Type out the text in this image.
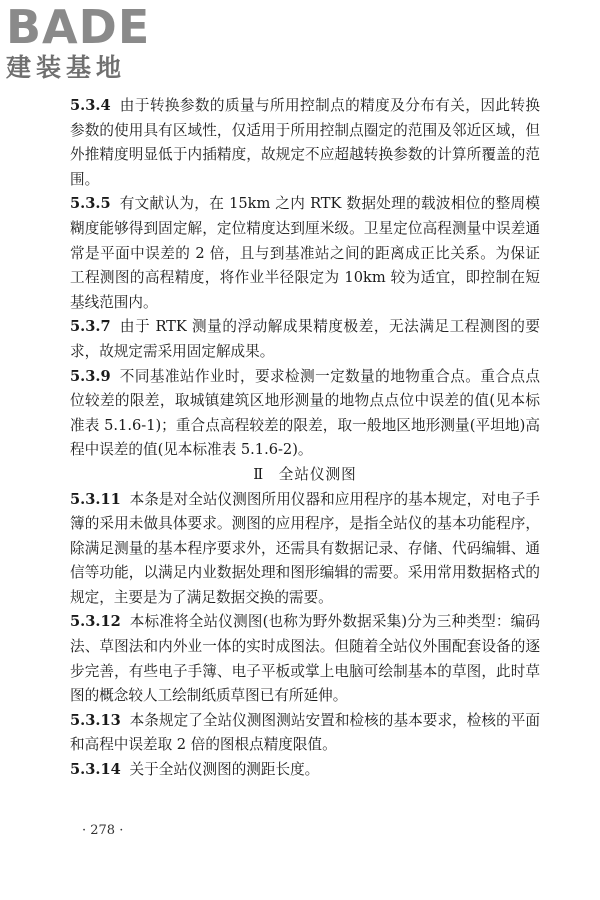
BADE
建装基地

5.3.4 由于转换参数的质量与所用控制点的精度及分布有关，因此转换参数的使用具有区域性，仅适用于所用控制点圈定的范围及邻近区域，但外推精度明显低于内插精度，故规定不应超越转换参数的计算所覆盖的范围。

5.3.5 有文献认为，在 15km 之内 RTK 数据处理的载波相位的整周模糊度能够得到固定解，定位精度达到厘米级。卫星定位高程测量中误差通常是平面中误差的 2 倍，且与到基准站之间的距离成正比关系。为保证工程测图的高程精度，将作业半径限定为 10km 较为适宜，即控制在短基线范围内。

5.3.7 由于 RTK 测量的浮动解成果精度极差，无法满足工程测图的要求，故规定需采用固定解成果。

5.3.9 不同基准站作业时，要求检测一定数量的地物重合点。重合点点位较差的限差，取城镇建筑区地形测量的地物点点位中误差的值(见本标准表 5.1.6-1)；重合点高程较差的限差，取一般地区地形测量(平坦地)高程中误差的值(见本标准表 5.1.6-2)。

Ⅱ 全站仪测图

5.3.11 本条是对全站仪测图所用仪器和应用程序的基本规定，对电子手簿的采用未做具体要求。测图的应用程序，是指全站仪的基本功能程序，除满足测量的基本程序要求外，还需具有数据记录、存储、代码编辑、通信等功能，以满足内业数据处理和图形编辑的需要。采用常用数据格式的规定，主要是为了满足数据交换的需要。

5.3.12 本标准将全站仪测图(也称为野外数据采集)分为三种类型：编码法、草图法和内外业一体的实时成图法。但随着全站仪外围配套设备的逐步完善，有些电子手簿、电子平板或掌上电脑可绘制基本的草图，此时草图的概念较人工绘制纸质草图已有所延伸。

5.3.13 本条规定了全站仪测图测站安置和检核的基本要求，检核的平面和高程中误差取 2 倍的图根点精度限值。

5.3.14 关于全站仪测图的测距长度。

· 278 ·
